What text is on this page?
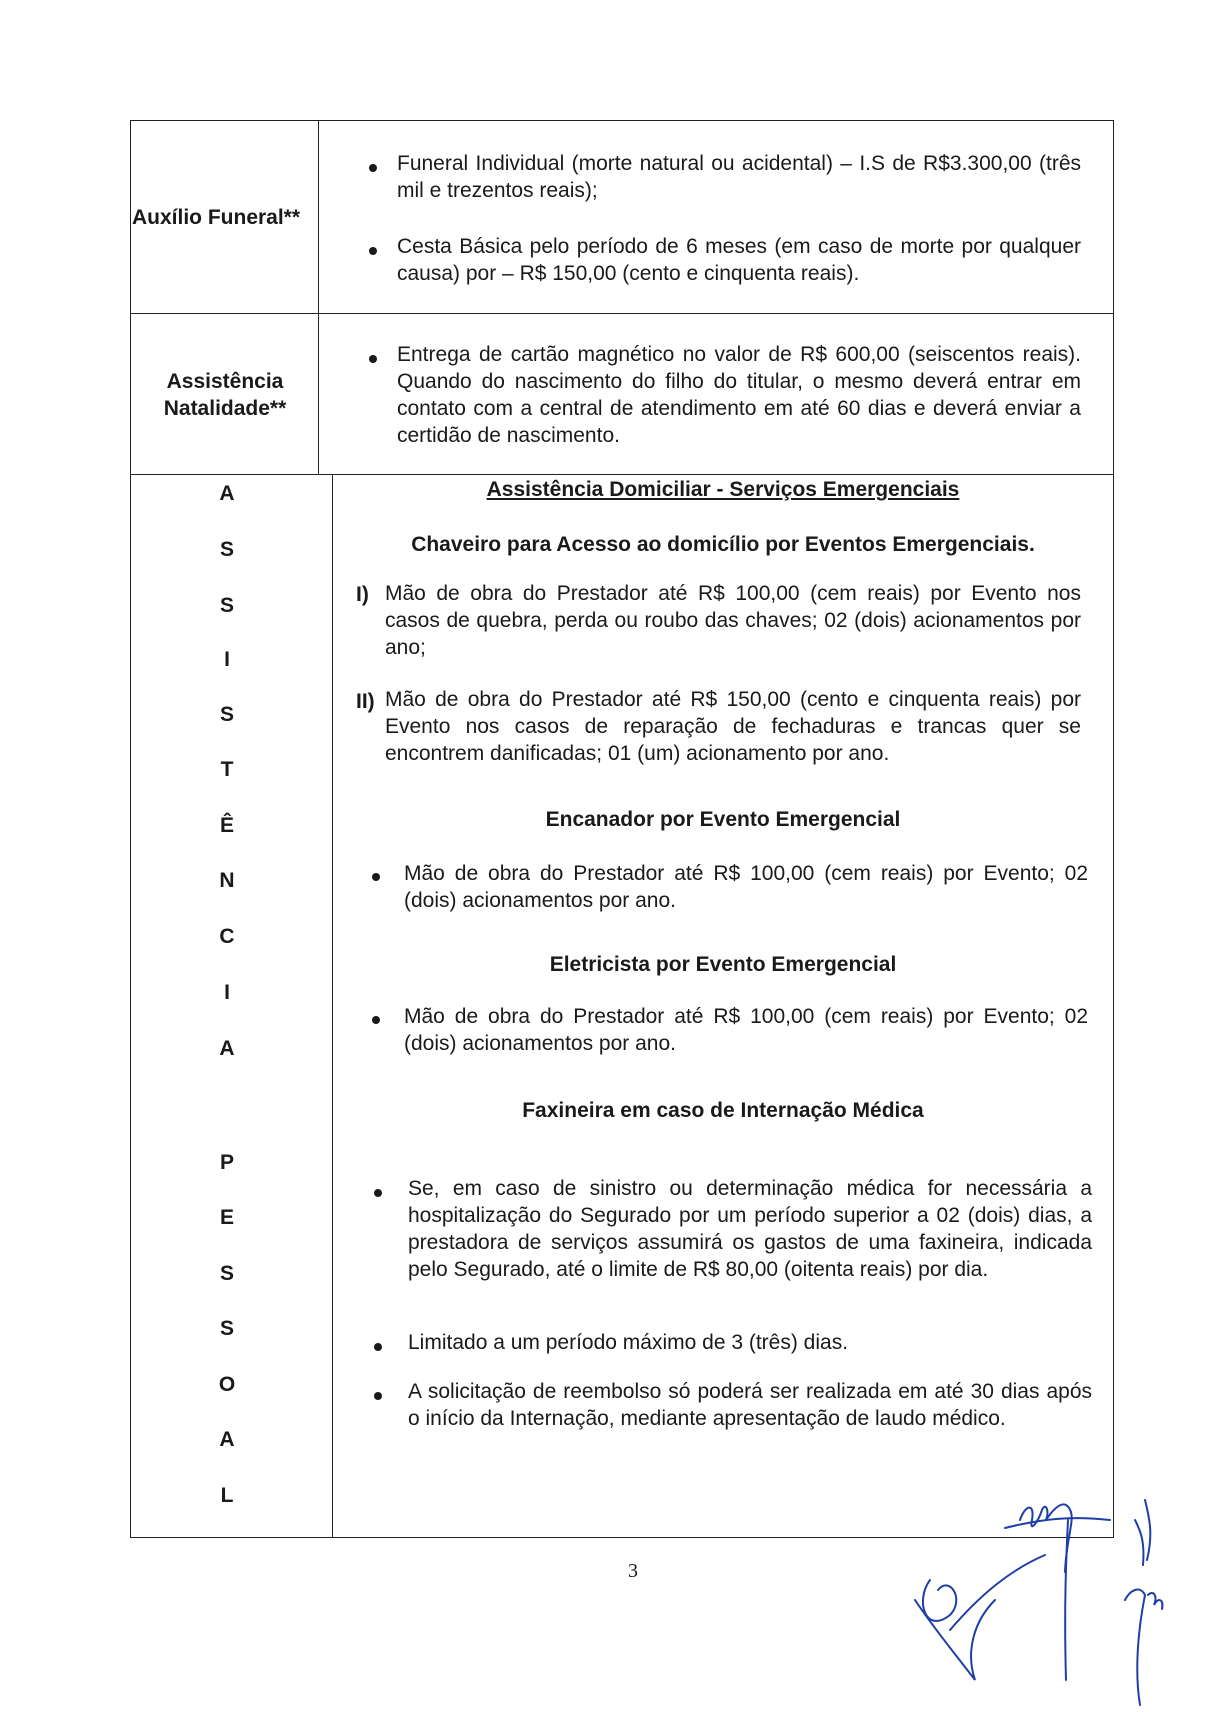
Auxílio Funeral**
Funeral Individual (morte natural ou acidental) – I.S de R$3.300,00 (três mil e trezentos reais);
Cesta Básica pelo período de 6 meses (em caso de morte por qualquer causa) por – R$ 150,00 (cento e cinquenta reais).
Assistência
Natalidade**
Entrega de cartão magnético no valor de R$ 600,00 (seiscentos reais). Quando do nascimento do filho do titular, o mesmo deverá entrar em contato com a central de atendimento em até 60 dias e deverá enviar a certidão de nascimento.
A
S
S
I
S
T
Ê
N
C
I
A
P
E
S
S
O
A
L
Assistência Domiciliar - Serviços Emergenciais
Chaveiro para Acesso ao domicílio por Eventos Emergenciais.
I) Mão de obra do Prestador até R$ 100,00 (cem reais) por Evento nos casos de quebra, perda ou roubo das chaves; 02 (dois) acionamentos por ano;
II) Mão de obra do Prestador até R$ 150,00 (cento e cinquenta reais) por Evento nos casos de reparação de fechaduras e trancas quer se encontrem danificadas; 01 (um) acionamento por ano.
Encanador por Evento Emergencial
Mão de obra do Prestador até R$ 100,00 (cem reais) por Evento; 02 (dois) acionamentos por ano.
Eletricista por Evento Emergencial
Mão de obra do Prestador até R$ 100,00 (cem reais) por Evento; 02 (dois) acionamentos por ano.
Faxineira em caso de Internação Médica
Se, em caso de sinistro ou determinação médica for necessária a hospitalização do Segurado por um período superior a 02 (dois) dias, a prestadora de serviços assumirá os gastos de uma faxineira, indicada pelo Segurado, até o limite de R$ 80,00 (oitenta reais) por dia.
Limitado a um período máximo de 3 (três) dias.
A solicitação de reembolso só poderá ser realizada em até 30 dias após o início da Internação, mediante apresentação de laudo médico.
3
